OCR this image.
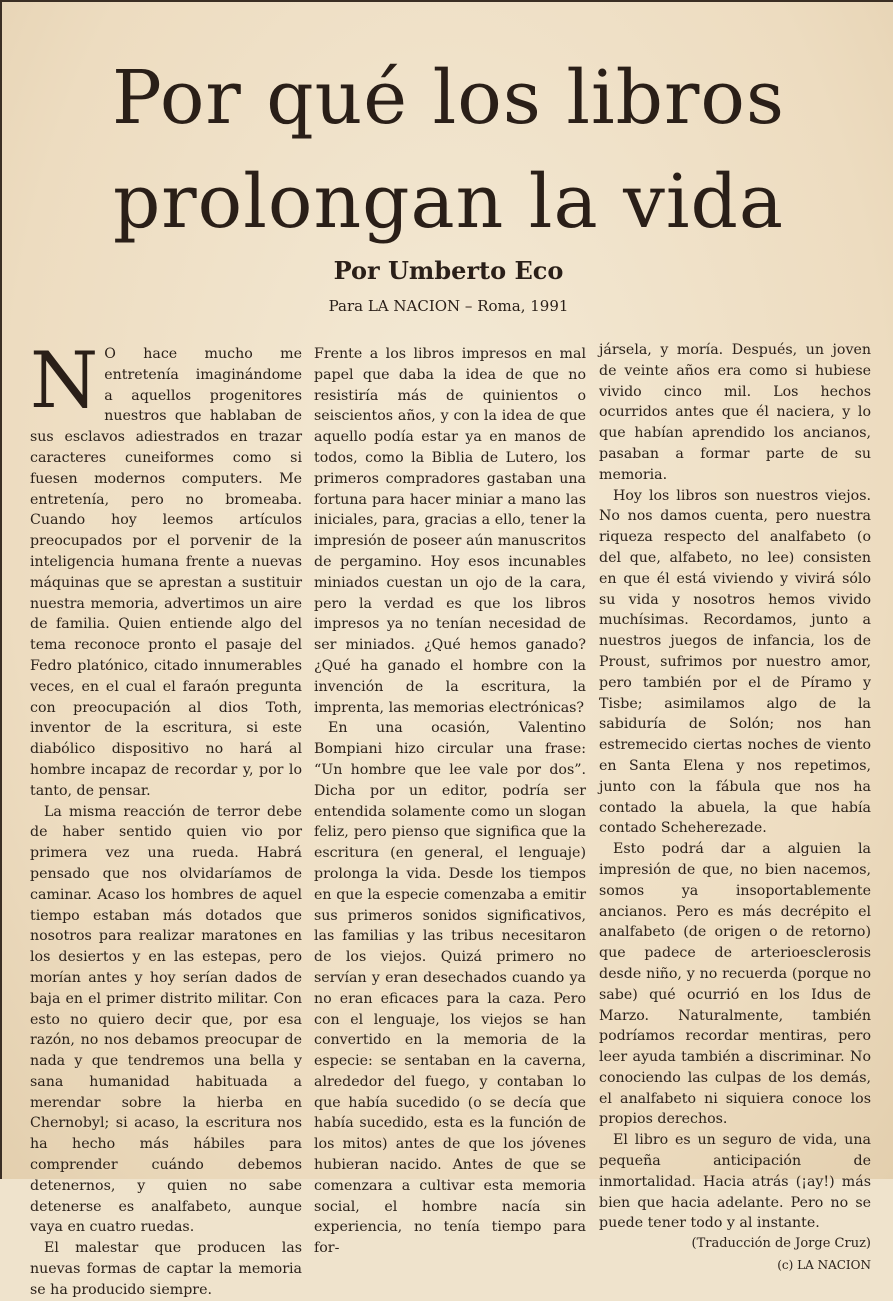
Por qué los libros
prolongan la vida
Por Umberto Eco
Para LA NACION – Roma, 1991

N O hace mucho me entretenía imaginándome a aquellos progenitores nuestros que hablaban de sus esclavos adiestrados en trazar caracteres cuneiformes como si fuesen modernos computers. Me entretenía, pero no bromeaba. Cuando hoy leemos artículos preocupados por el porvenir de la inteligencia humana frente a nuevas máquinas que se aprestan a sustituir nuestra memoria, advertimos un aire de familia. Quien entiende algo del tema reconoce pronto el pasaje del Fedro platónico, citado innumerables veces, en el cual el faraón pregunta con preocupación al dios Toth, inventor de la escritura, si este diabólico dispositivo no hará al hombre incapaz de recordar y, por lo tanto, de pensar.

La misma reacción de terror debe de haber sentido quien vio por primera vez una rueda. Habrá pensado que nos olvidaríamos de caminar. Acaso los hombres de aquel tiempo estaban más dotados que nosotros para realizar maratones en los desiertos y en las estepas, pero morían antes y hoy serían dados de baja en el primer distrito militar. Con esto no quiero decir que, por esa razón, no nos debamos preocupar de nada y que tendremos una bella y sana humanidad habituada a merendar sobre la hierba en Chernobyl; si acaso, la escritura nos ha hecho más hábiles para comprender cuándo debemos detenernos, y quien no sabe detenerse es analfabeto, aunque vaya en cuatro ruedas.

El malestar que producen las nuevas formas de captar la memoria se ha producido siempre.

Frente a los libros impresos en mal papel que daba la idea de que no resistiría más de quinientos o seiscientos años, y con la idea de que aquello podía estar ya en manos de todos, como la Biblia de Lutero, los primeros compradores gastaban una fortuna para hacer miniar a mano las iniciales, para, gracias a ello, tener la impresión de poseer aún manuscritos de pergamino. Hoy esos incunables miniados cuestan un ojo de la cara, pero la verdad es que los libros impresos ya no tenían necesidad de ser miniados. ¿Qué hemos ganado? ¿Qué ha ganado el hombre con la invención de la escritura, la imprenta, las memorias electrónicas?

En una ocasión, Valentino Bompiani hizo circular una frase: “Un hombre que lee vale por dos”. Dicha por un editor, podría ser entendida solamente como un slogan feliz, pero pienso que significa que la escritura (en general, el lenguaje) prolonga la vida. Desde los tiempos en que la especie comenzaba a emitir sus primeros sonidos significativos, las familias y las tribus necesitaron de los viejos. Quizá primero no servían y eran desechados cuando ya no eran eficaces para la caza. Pero con el lenguaje, los viejos se han convertido en la memoria de la especie: se sentaban en la caverna, alrededor del fuego, y contaban lo que había sucedido (o se decía que había sucedido, esta es la función de los mitos) antes de que los jóvenes hubieran nacido. Antes de que se comenzara a cultivar esta memoria social, el hombre nacía sin experiencia, no tenía tiempo para for-

jársela, y moría. Después, un joven de veinte años era como si hubiese vivido cinco mil. Los hechos ocurridos antes que él naciera, y lo que habían aprendido los ancianos, pasaban a formar parte de su memoria.

Hoy los libros son nuestros viejos. No nos damos cuenta, pero nuestra riqueza respecto del analfabeto (o del que, alfabeto, no lee) consisten en que él está viviendo y vivirá sólo su vida y nosotros hemos vivido muchísimas. Recordamos, junto a nuestros juegos de infancia, los de Proust, sufrimos por nuestro amor, pero también por el de Píramo y Tisbe; asimilamos algo de la sabiduría de Solón; nos han estremecido ciertas noches de viento en Santa Elena y nos repetimos, junto con la fábula que nos ha contado la abuela, la que había contado Scheherezade.

Esto podrá dar a alguien la impresión de que, no bien nacemos, somos ya insoportablemente ancianos. Pero es más decrépito el analfabeto (de origen o de retorno) que padece de arterioesclerosis desde niño, y no recuerda (porque no sabe) qué ocurrió en los Idus de Marzo. Naturalmente, también podríamos recordar mentiras, pero leer ayuda también a discriminar. No conociendo las culpas de los demás, el analfabeto ni siquiera conoce los propios derechos.

El libro es un seguro de vida, una pequeña anticipación de inmortalidad. Hacia atrás (¡ay!) más bien que hacia adelante. Pero no se puede tener todo y al instante.

(Traducción de Jorge Cruz)

(c) LA NACION
